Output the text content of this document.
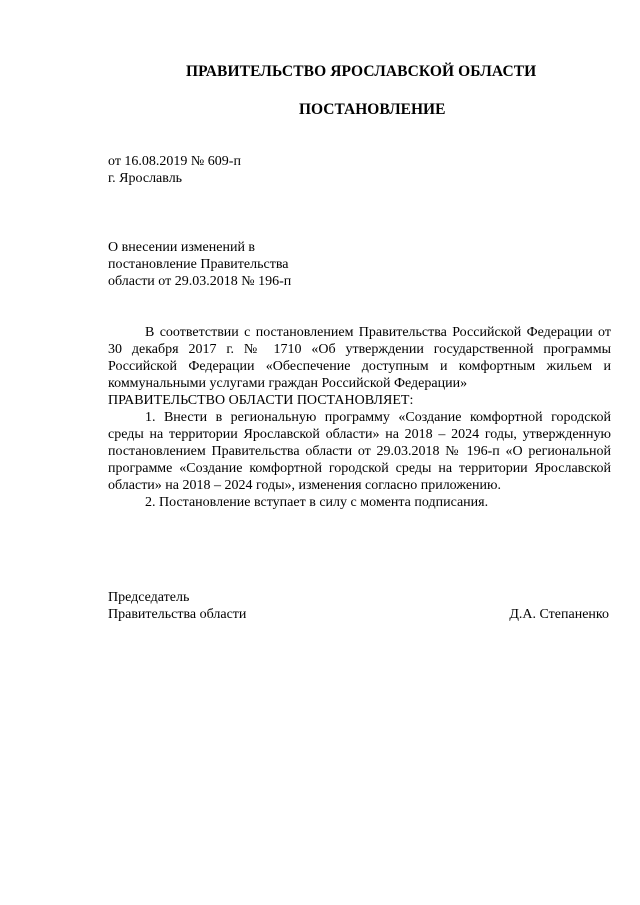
ПРАВИТЕЛЬСТВО ЯРОСЛАВСКОЙ ОБЛАСТИ
ПОСТАНОВЛЕНИЕ
от 16.08.2019 № 609-п
г. Ярославль
О внесении изменений в
постановление Правительства
области от 29.03.2018 № 196-п

В соответствии с постановлением Правительства Российской Федерации от 30 декабря 2017 г. № 1710 «Об утверждении государственной программы Российской Федерации «Обеспечение доступным и комфортным жильем и коммунальными услугами граждан Российской Федерации»

ПРАВИТЕЛЬСТВО ОБЛАСТИ ПОСТАНОВЛЯЕТ:

1. Внести в региональную программу «Создание комфортной городской среды на территории Ярославской области» на 2018 – 2024 годы, утвержденную постановлением Правительства области от 29.03.2018 № 196-п «О региональной программе «Создание комфортной городской среды на территории Ярославской области» на 2018 – 2024 годы», изменения согласно приложению.

2. Постановление вступает в силу с момента подписания.

Председатель
Правительства области	Д.А. Степаненко
